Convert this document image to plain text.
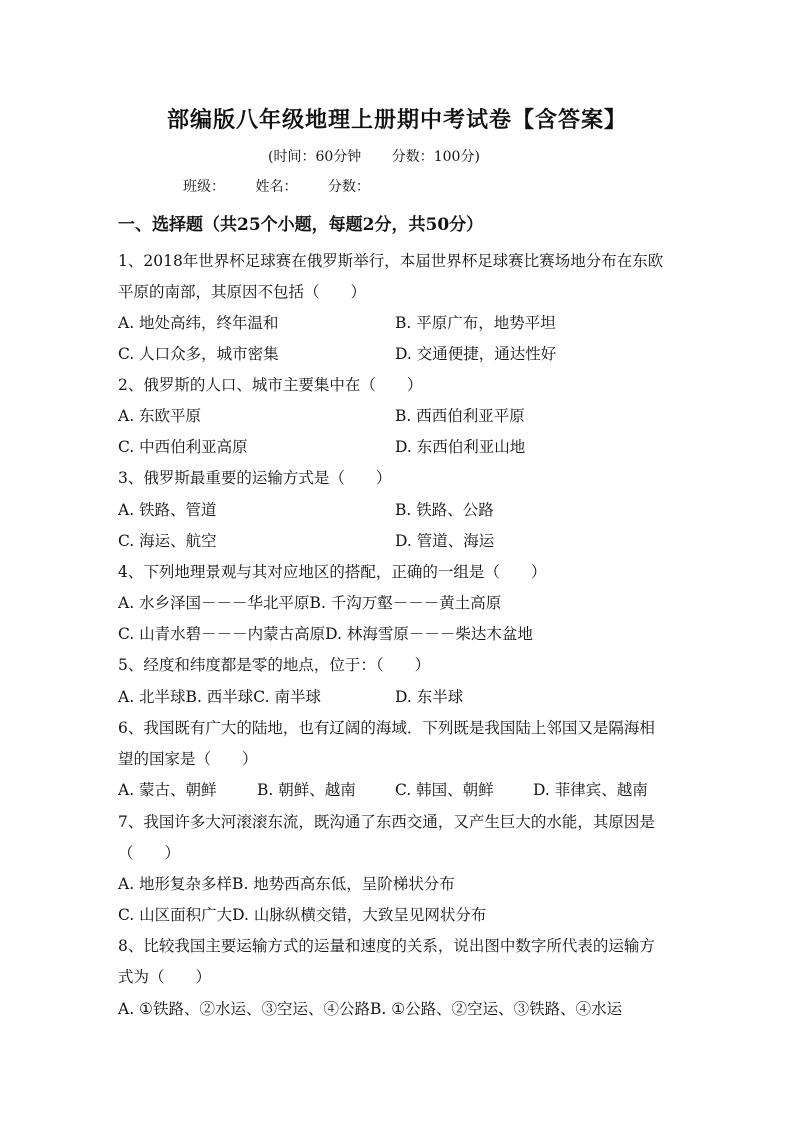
部编版八年级地理上册期中考试卷【含答案】
(时间：60分钟 分数：100分)
班级： 姓名： 分数：
一、选择题（共25个小题，每题2分，共50分）
1、2018年世界杯足球赛在俄罗斯举行，本届世界杯足球赛比赛场地分布在东欧
平原的南部，其原因不包括（　　）
A. 地处高纬，终年温和	B. 平原广布，地势平坦
C. 人口众多，城市密集	D. 交通便捷，通达性好
2、俄罗斯的人口、城市主要集中在（　　）
A. 东欧平原	B. 西西伯利亚平原
C. 中西伯利亚高原	D. 东西伯利亚山地
3、俄罗斯最重要的运输方式是（　　）
A. 铁路、管道	B. 铁路、公路
C. 海运、航空	D. 管道、海运
4、下列地理景观与其对应地区的搭配，正确的一组是（　　）
A. 水乡泽国－－－华北平原B. 千沟万壑－－－黄土高原
C. 山青水碧－－－内蒙古高原D. 林海雪原－－－柴达木盆地
5、经度和纬度都是零的地点，位于：（　　）
A. 北半球B. 西半球C. 南半球	D. 东半球
6、我国既有广大的陆地，也有辽阔的海域．下列既是我国陆上邻国又是隔海相
望的国家是（　　）
A. 蒙古、朝鲜	B. 朝鲜、越南	C. 韩国、朝鲜	D. 菲律宾、越南
7、我国许多大河滚滚东流，既沟通了东西交通，又产生巨大的水能，其原因是
（　　）
A. 地形复杂多样B. 地势西高东低，呈阶梯状分布
C. 山区面积广大D. 山脉纵横交错，大致呈见网状分布
8、比较我国主要运输方式的运量和速度的关系，说出图中数字所代表的运输方
式为（　　）
A. ①铁路、②水运、③空运、④公路B. ①公路、②空运、③铁路、④水运
